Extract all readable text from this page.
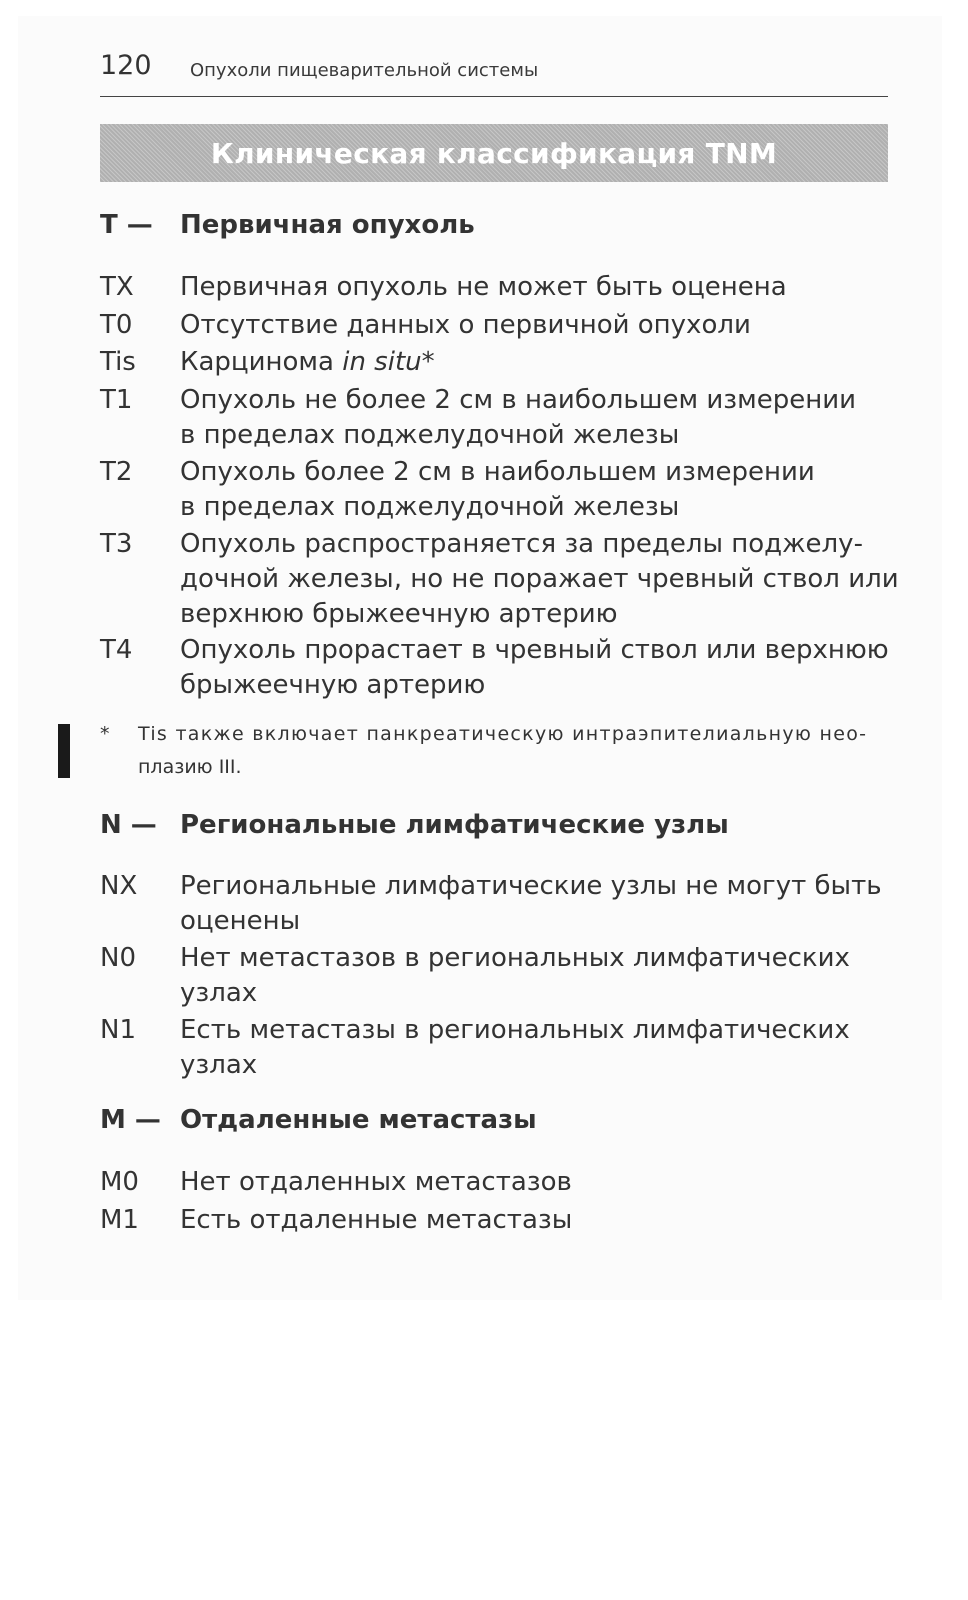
120 Опухоли пищеварительной системы
Клиническая классификация TNM
T —	Первичная опухоль
TX	Первичная опухоль не может быть оценена
T0	Отсутствие данных о первичной опухоли
Tis	Карцинома in situ*
T1	Опухоль не более 2 см в наибольшем измерении
в пределах поджелудочной железы
T2	Опухоль более 2 см в наибольшем измерении
в пределах поджелудочной железы
T3	Опухоль распространяется за пределы поджелу-
дочной железы, но не поражает чревный ствол или
верхнюю брыжеечную артерию
T4	Опухоль прорастает в чревный ствол или верхнюю
брыжеечную артерию
* Tis также включает панкреатическую интраэпителиальную нео-
плазию III.
N — Региональные лимфатические узлы
NX	Региональные лимфатические узлы не могут быть
оценены
N0	Нет метастазов в региональных лимфатических
узлах
N1	Есть метастазы в региональных лимфатических
узлах
M — Отдаленные метастазы
M0	Нет отдаленных метастазов
M1	Есть отдаленные метастазы
